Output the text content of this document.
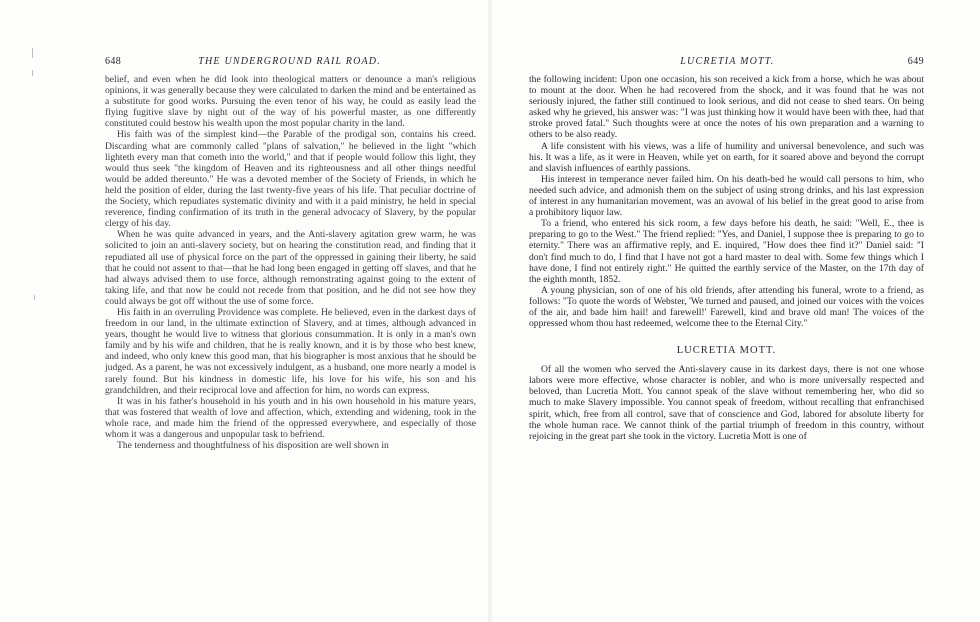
648	THE UNDERGROUND RAIL ROAD.

belief, and even when he did look into theological matters or denounce a man's religious opinions, it was generally because they were calculated to darken the mind and be entertained as a substitute for good works. Pursuing the even tenor of his way, he could as easily lead the flying fugitive slave by night out of the way of his powerful master, as one differently constituted could bestow his wealth upon the most popular charity in the land.

His faith was of the simplest kind—the Parable of the prodigal son, contains his creed. Discarding what are commonly called "plans of salvation," he believed in the light "which lighteth every man that cometh into the world," and that if people would follow this light, they would thus seek "the kingdom of Heaven and its righteousness and all other things needful would be added thereunto." He was a devoted member of the Society of Friends, in which he held the position of elder, during the last twenty-five years of his life. That peculiar doctrine of the Society, which repudiates systematic divinity and with it a paid ministry, he held in special reverence, finding confirmation of its truth in the general advocacy of Slavery, by the popular clergy of his day.

When he was quite advanced in years, and the Anti-slavery agitation grew warm, he was solicited to join an anti-slavery society, but on hearing the constitution read, and finding that it repudiated all use of physical force on the part of the oppressed in gaining their liberty, he said that he could not assent to that—that he had long been engaged in getting off slaves, and that he had always advised them to use force, although remonstrating against going to the extent of taking life, and that now he could not recede from that position, and he did not see how they could always be got off without the use of some force.

His faith in an overruling Providence was complete. He believed, even in the darkest days of freedom in our land, in the ultimate extinction of Slavery, and at times, although advanced in years, thought he would live to witness that glorious consummation. It is only in a man's own family and by his wife and children, that he is really known, and it is by those who best knew, and indeed, who only knew this good man, that his biographer is most anxious that he should be judged. As a parent, he was not excessively indulgent, as a husband, one more nearly a model is rarely found. But his kindness in domestic life, his love for his wife, his son and his grandchildren, and their reciprocal love and affection for him, no words can express.

It was in his father's household in his youth and in his own household in his mature years, that was fostered that wealth of love and affection, which, extending and widening, took in the whole race, and made him the friend of the oppressed everywhere, and especially of those whom it was a dangerous and unpopular task to befriend.

The tenderness and thoughtfulness of his disposition are well shown in

LUCRETIA MOTT.	649

the following incident: Upon one occasion, his son received a kick from a horse, which he was about to mount at the door. When he had recovered from the shock, and it was found that he was not seriously injured, the father still continued to look serious, and did not cease to shed tears. On being asked why he grieved, his answer was: "I was just thinking how it would have been with thee, had that stroke proved fatal." Such thoughts were at once the notes of his own preparation and a warning to others to be also ready.

A life consistent with his views, was a life of humility and universal benevolence, and such was his. It was a life, as it were in Heaven, while yet on earth, for it soared above and beyond the corrupt and slavish influences of earthly passions.

His interest in temperance never failed him. On his death-bed he would call persons to him, who needed such advice, and admonish them on the subject of using strong drinks, and his last expression of interest in any humanitarian movement, was an avowal of his belief in the great good to arise from a prohibitory liquor law.

To a friend, who entered his sick room, a few days before his death, he said: "Well, E., thee is preparing to go to the West." The friend replied: "Yes, and Daniel, I suppose thee is preparing to go to eternity." There was an affirmative reply, and E. inquired, "How does thee find it?" Daniel said: "I don't find much to do, I find that I have not got a hard master to deal with. Some few things which I have done, I find not entirely right." He quitted the earthly service of the Master, on the 17th day of the eighth month, 1852.

A young physician, son of one of his old friends, after attending his funeral, wrote to a friend, as follows: "To quote the words of Webster, 'We turned and paused, and joined our voices with the voices of the air, and bade him hail! and farewell!' Farewell, kind and brave old man! The voices of the oppressed whom thou hast redeemed, welcome thee to the Eternal City."

LUCRETIA MOTT.

Of all the women who served the Anti-slavery cause in its darkest days, there is not one whose labors were more effective, whose character is nobler, and who is more universally respected and beloved, than Lucretia Mott. You cannot speak of the slave without remembering her, who did so much to make Slavery impossible. You cannot speak of freedom, without recalling that enfranchised spirit, which, free from all control, save that of conscience and God, labored for absolute liberty for the whole human race. We cannot think of the partial triumph of freedom in this country, without rejoicing in the great part she took in the victory. Lucretia Mott is one of
